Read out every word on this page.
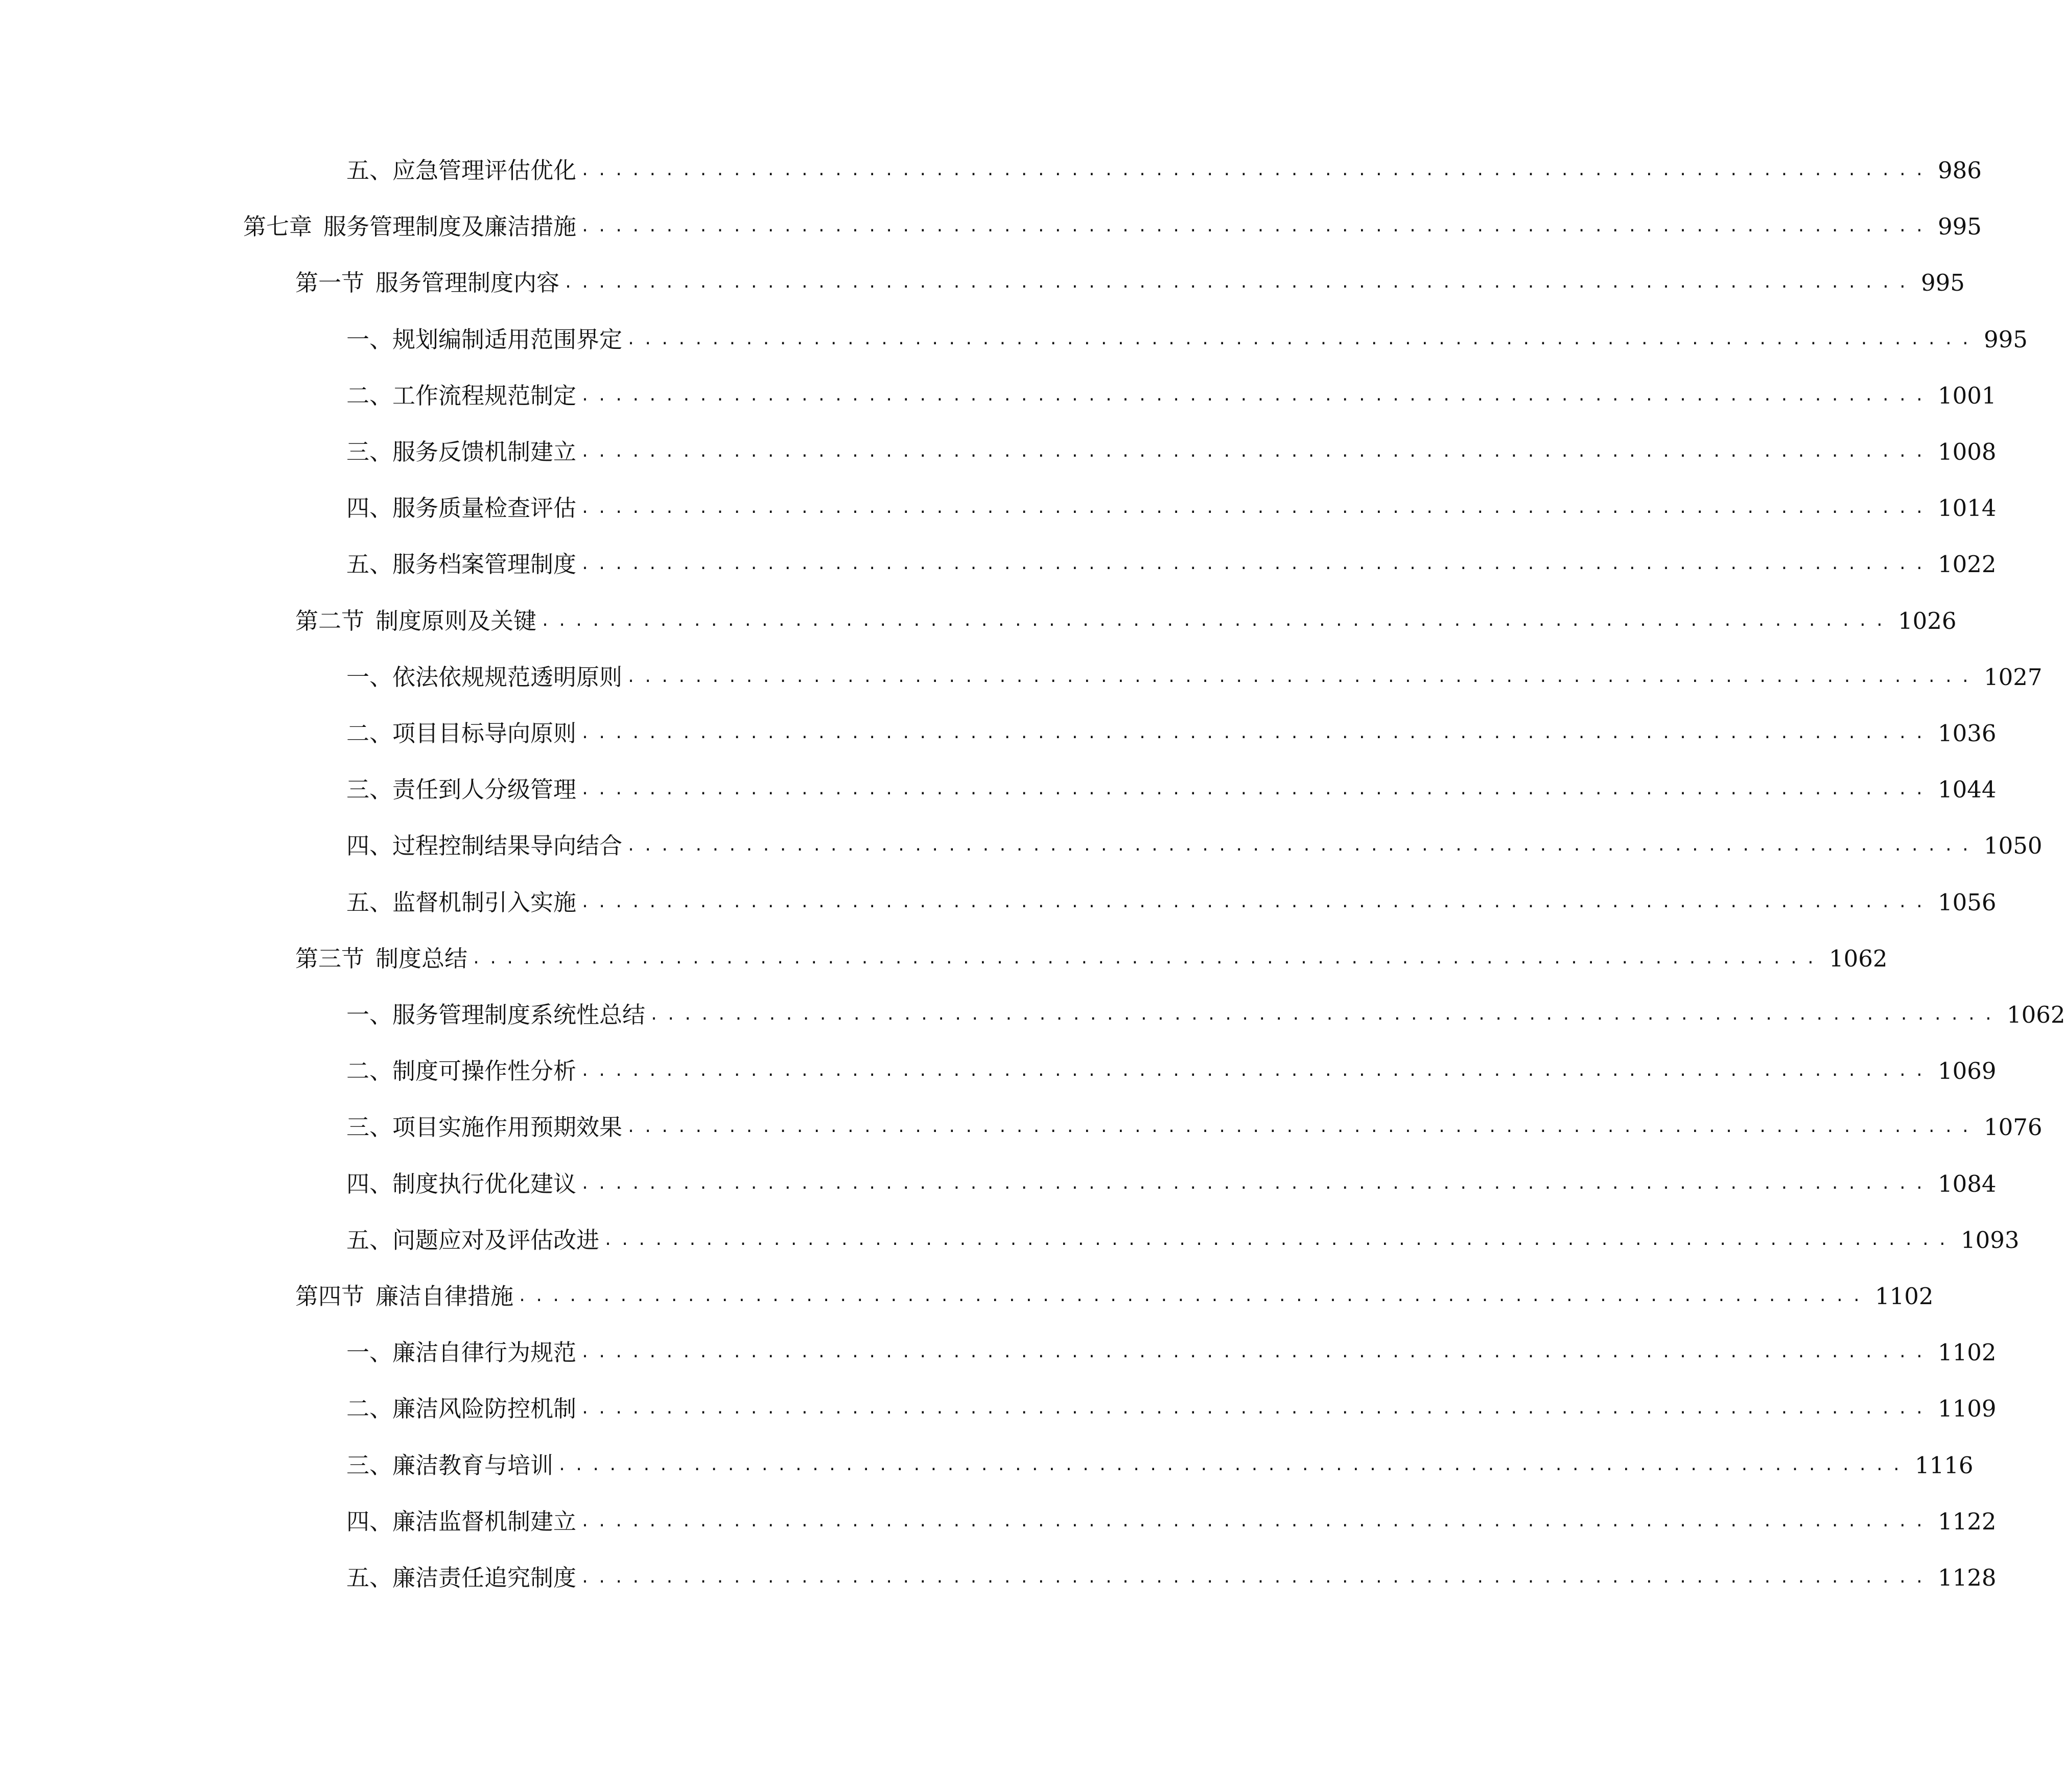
五、 应急管理评估优化 ................................................................................ 986
第七章 服务管理制度及廉洁措施 ................................................................................ 995
第一节 服务管理制度内容 ................................................................................ 995
一、 规划编制适用范围界定 ................................................................................ 995
二、 工作流程规范制定 ................................................................................ 1001
三、 服务反馈机制建立 ................................................................................ 1008
四、 服务质量检查评估 ................................................................................ 1014
五、 服务档案管理制度 ................................................................................ 1022
第二节 制度原则及关键 ................................................................................ 1026
一、 依法依规规范透明原则 ................................................................................ 1027
二、 项目目标导向原则 ................................................................................ 1036
三、 责任到人分级管理 ................................................................................ 1044
四、 过程控制结果导向结合 ................................................................................ 1050
五、 监督机制引入实施 ................................................................................ 1056
第三节 制度总结 ................................................................................ 1062
一、 服务管理制度系统性总结 ................................................................................ 1062
二、 制度可操作性分析 ................................................................................ 1069
三、 项目实施作用预期效果 ................................................................................ 1076
四、 制度执行优化建议 ................................................................................ 1084
五、 问题应对及评估改进 ................................................................................ 1093
第四节 廉洁自律措施 ................................................................................ 1102
一、 廉洁自律行为规范 ................................................................................ 1102
二、 廉洁风险防控机制 ................................................................................ 1109
三、 廉洁教育与培训 ................................................................................ 1116
四、 廉洁监督机制建立 ................................................................................ 1122
五、 廉洁责任追究制度 ................................................................................ 1128
